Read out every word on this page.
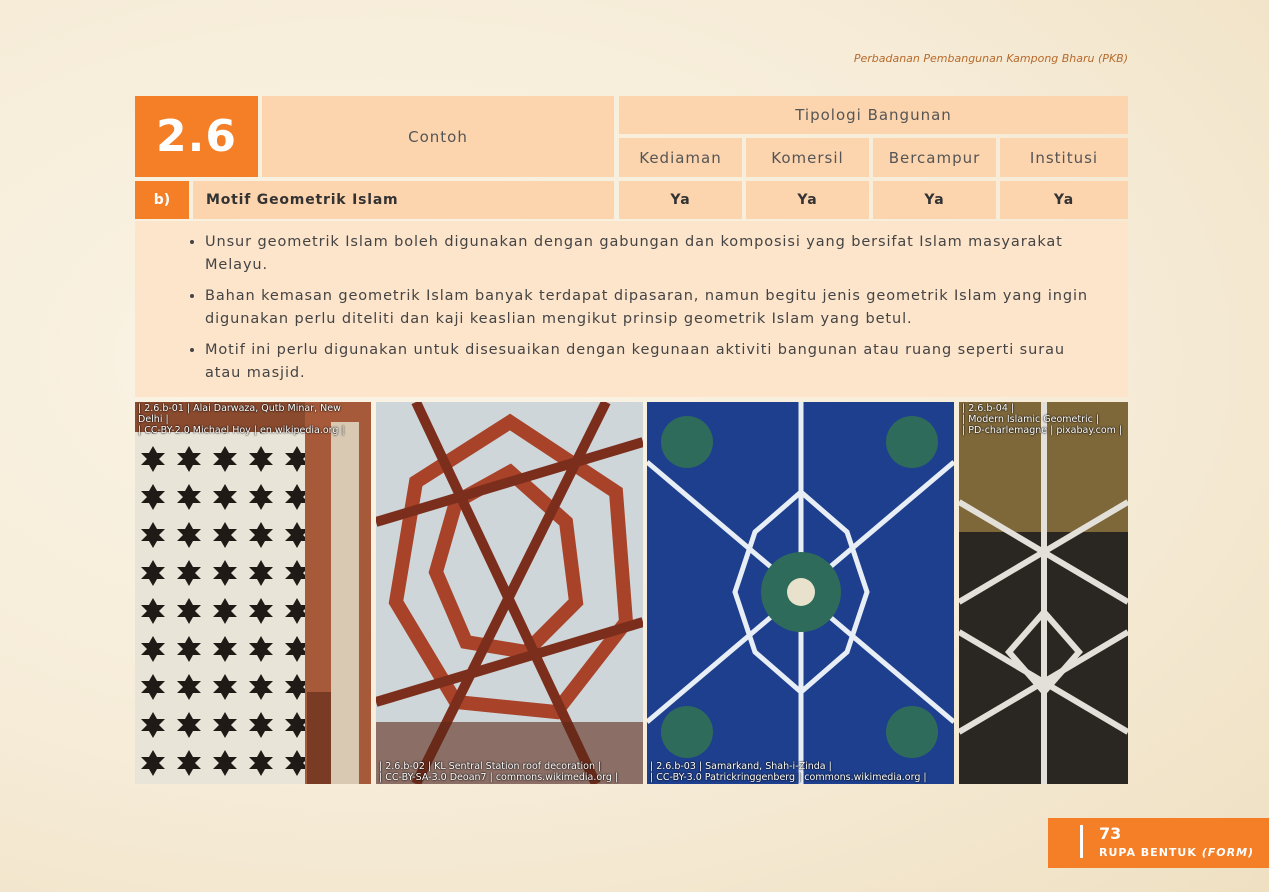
Perbadanan Pembangunan Kampong Bharu (PKB)
2.6	Contoh
Tipologi Bangunan
Kediaman	Komersil	Bercampur	Institusi
b)	Motif Geometrik Islam	Ya	Ya	Ya	Ya
• Unsur geometrik Islam boleh digunakan dengan gabungan dan komposisi yang bersifat Islam masyarakat Melayu.
• Bahan kemasan geometrik Islam banyak terdapat dipasaran, namun begitu jenis geometrik Islam yang ingin digunakan perlu diteliti dan kaji keaslian mengikut prinsip geometrik Islam yang betul.
• Motif ini perlu digunakan untuk disesuaikan dengan kegunaan aktiviti bangunan atau ruang seperti surau atau masjid.
| 2.6.b-01 | Alai Darwaza, Qutb Minar, New
Delhi |
| CC-BY-2.0 Michael Hoy | en.wikipedia.org |
| 2.6.b-02 | KL Sentral Station roof decoration |
| CC-BY-SA-3.0 Deoan7 | commons.wikimedia.org |
| 2.6.b-03 | Samarkand, Shah-i-Zinda |
| CC-BY-3.0 Patrickringgenberg | commons.wikimedia.org |
| 2.6.b-04 |
| Modern Islamic Geometric |
| PD-charlemagne | pixabay.com |
73
RUPA BENTUK (FORM)
